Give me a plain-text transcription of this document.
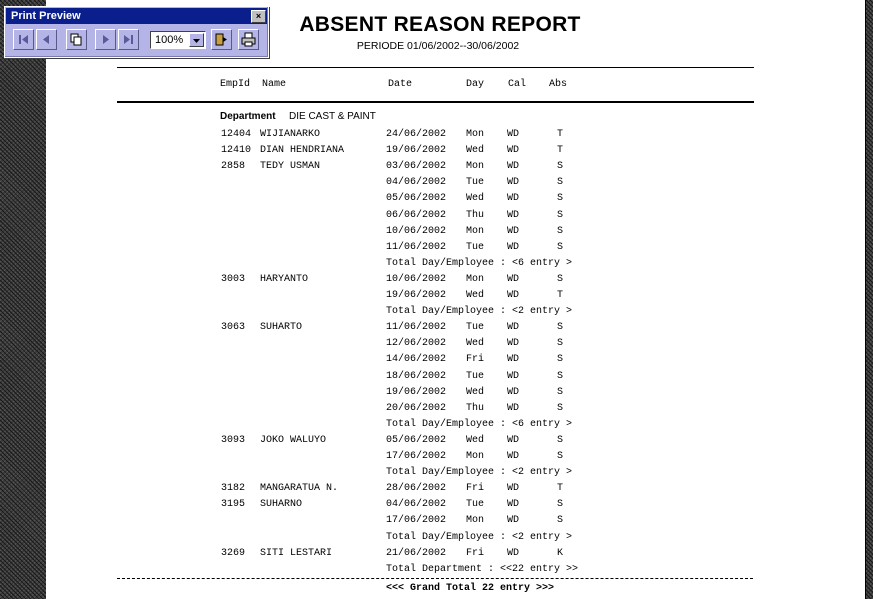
ABSENT REASON REPORT
PERIODE 01/06/2002--30/06/2002
EmpId Name	Date	Day Cal Abs
Department DIE CAST & PAINT
12404 WIJIANARKO	24/06/2002 Mon WD	T
12410 DIAN HENDRIANA	19/06/2002 Wed WD	T
2858 TEDY USMAN	03/06/2002 Mon WD	S
04/06/2002 Tue WD	S
05/06/2002 Wed WD	S
06/06/2002 Thu WD	S
10/06/2002 Mon WD	S
11/06/2002 Tue WD	S
Total Day/Employee : <6 entry >
3003 HARYANTO	10/06/2002 Mon WD	S
19/06/2002 Wed WD	T
Total Day/Employee : <2 entry >
3063 SUHARTO	11/06/2002 Tue WD	S
12/06/2002 Wed WD	S
14/06/2002 Fri WD	S
18/06/2002 Tue WD	S
19/06/2002 Wed WD	S
20/06/2002 Thu WD	S
Total Day/Employee : <6 entry >
3093 JOKO WALUYO	05/06/2002 Wed WD	S
17/06/2002 Mon WD	S
Total Day/Employee : <2 entry >
3182 MANGARATUA N.	28/06/2002 Fri WD	T
3195 SUHARNO	04/06/2002 Tue WD	S
17/06/2002 Mon WD	S
Total Day/Employee : <2 entry >
3269 SITI LESTARI	21/06/2002 Fri WD	K
Total Department : <<22 entry >>
<<< Grand Total 22 entry >>>
Print Preview	×
100%
